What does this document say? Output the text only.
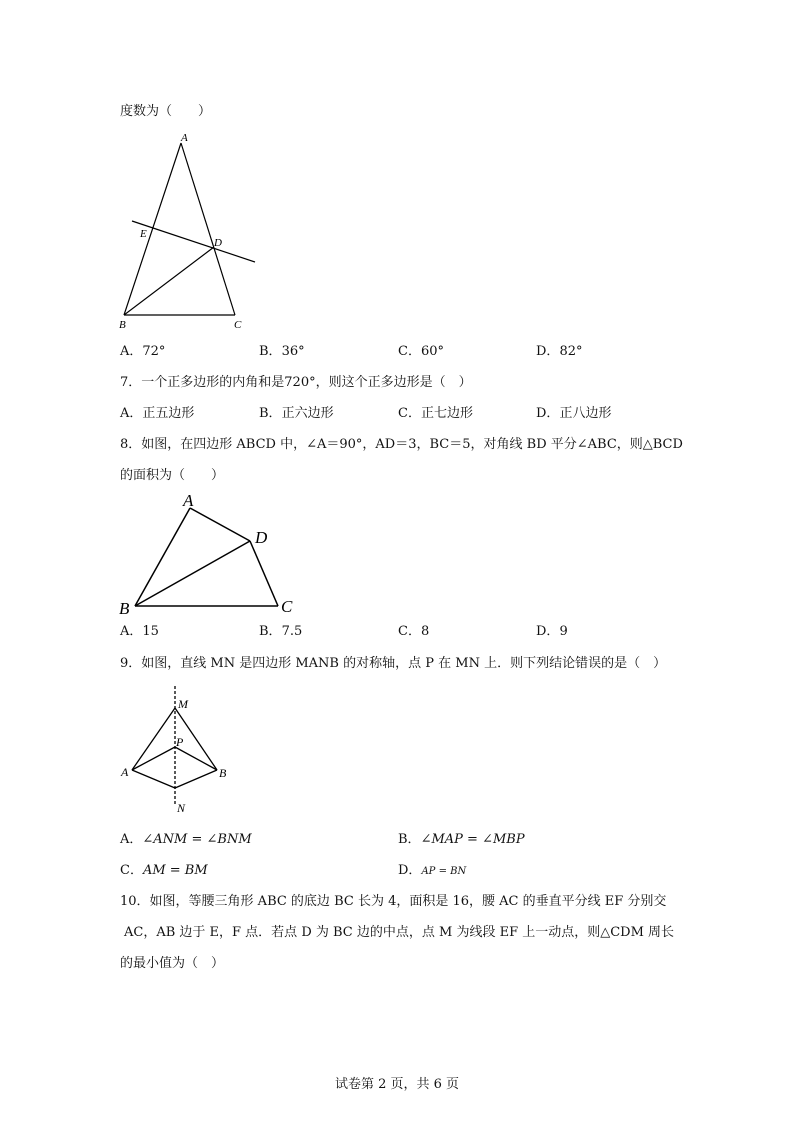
度数为（　　）
A
E
D
B	C
A．72°	B．36°	C．60°	D．82°
7．一个正多边形的内角和是720°，则这个正多边形是（　）
A．正五边形	B．正六边形	C．正七边形	D．正八边形
8．如图，在四边形 ABCD 中，∠A＝90°，AD＝3，BC＝5，对角线 BD 平分∠ABC，则△BCD
的面积为（　　）
A
D
B	C
A．15	B．7.5	C．8	D．9
9．如图，直线 MN 是四边形 MANB 的对称轴，点 P 在 MN 上．则下列结论错误的是（　）
M
P
A	B
N
A．∠ANM = ∠BNM	B．∠MAP = ∠MBP
C．AM = BM	D．AP = BN
10．如图，等腰三角形 ABC 的底边 BC 长为 4，面积是 16，腰 AC 的垂直平分线 EF 分别交
AC，AB 边于 E，F 点．若点 D 为 BC 边的中点，点 M 为线段 EF 上一动点，则△CDM 周长
的最小值为（　）
试卷第 2 页，共 6 页
